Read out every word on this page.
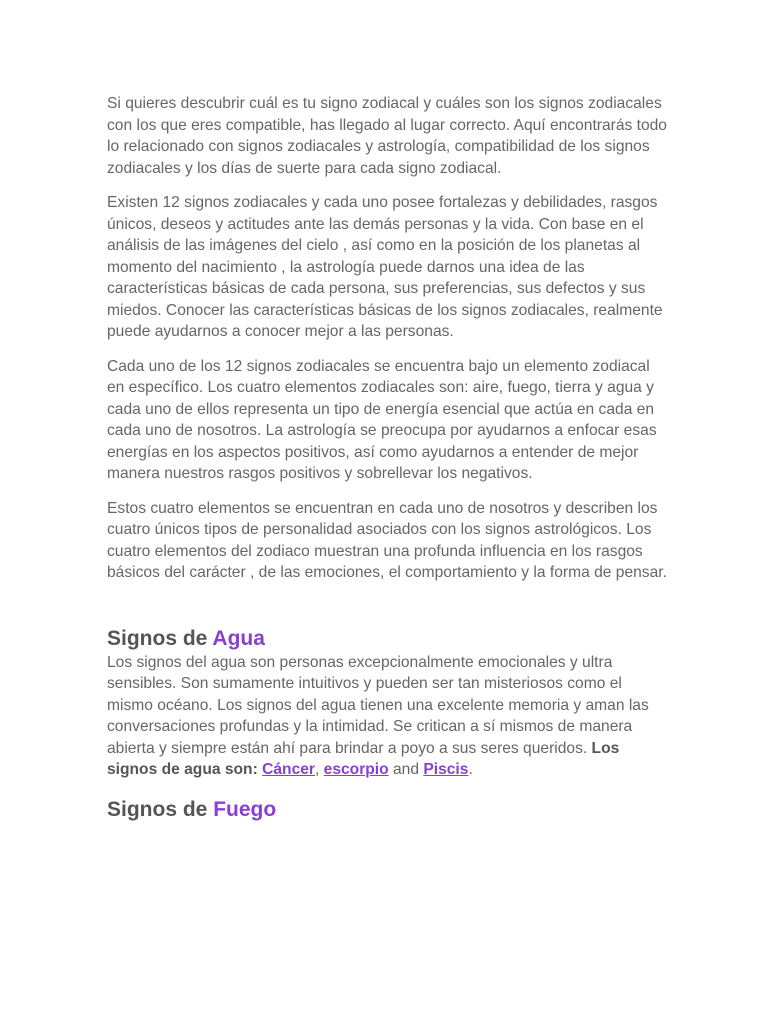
Si quieres descubrir cuál es tu signo zodiacal y cuáles son los signos zodiacales con los que eres compatible, has llegado al lugar correcto. Aquí encontrarás todo lo relacionado con signos zodiacales y astrología, compatibilidad de los signos zodiacales y los días de suerte para cada signo zodiacal.

Existen 12 signos zodiacales y cada uno posee fortalezas y debilidades, rasgos únicos, deseos y actitudes ante las demás personas y la vida. Con base en el análisis de las imágenes del cielo , así como en la posición de los planetas al momento del nacimiento , la astrología puede darnos una idea de las características básicas de cada persona, sus preferencias, sus defectos y sus miedos. Conocer las características básicas de los signos zodiacales, realmente puede ayudarnos a conocer mejor a las personas.

Cada uno de los 12 signos zodiacales se encuentra bajo un elemento zodiacal en específico. Los cuatro elementos zodiacales son: aire, fuego, tierra y agua y cada uno de ellos representa un tipo de energía esencial que actúa en cada en cada uno de nosotros. La astrología se preocupa por ayudarnos a enfocar esas energías en los aspectos positivos, así como ayudarnos a entender de mejor manera nuestros rasgos positivos y sobrellevar los negativos.

Estos cuatro elementos se encuentran en cada uno de nosotros y describen los cuatro únicos tipos de personalidad asociados con los signos astrológicos. Los cuatro elementos del zodiaco muestran una profunda influencia en los rasgos básicos del carácter , de las emociones, el comportamiento y la forma de pensar.

Signos de Agua

Los signos del agua son personas excepcionalmente emocionales y ultra sensibles. Son sumamente intuitivos y pueden ser tan misteriosos como el mismo océano. Los signos del agua tienen una excelente memoria y aman las conversaciones profundas y la intimidad. Se critican a sí mismos de manera abierta y siempre están ahí para brindar a poyo a sus seres queridos. Los signos de agua son: Cáncer, escorpio and Piscis.

Signos de Fuego
